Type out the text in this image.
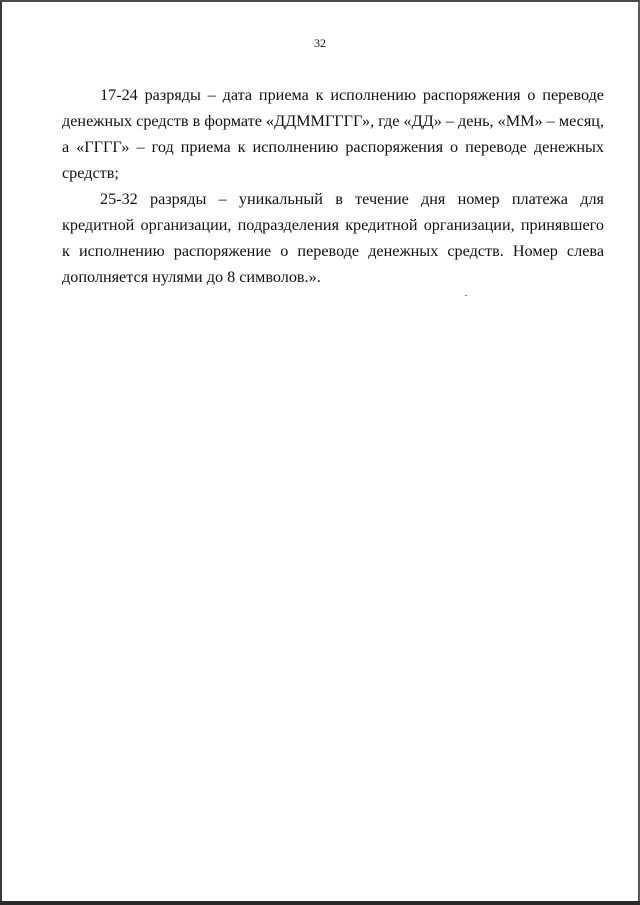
32

17-24 разряды – дата приема к исполнению распоряжения о переводе денежных средств в формате «ДДММГГГГ», где «ДД» – день, «ММ» – месяц, а «ГГГГ» – год приема к исполнению распоряжения о переводе денежных средств;

25-32 разряды – уникальный в течение дня номер платежа для кредитной организации, подразделения кредитной организации, принявшего к исполнению распоряжение о переводе денежных средств. Номер слева дополняется нулями до 8 символов.».
